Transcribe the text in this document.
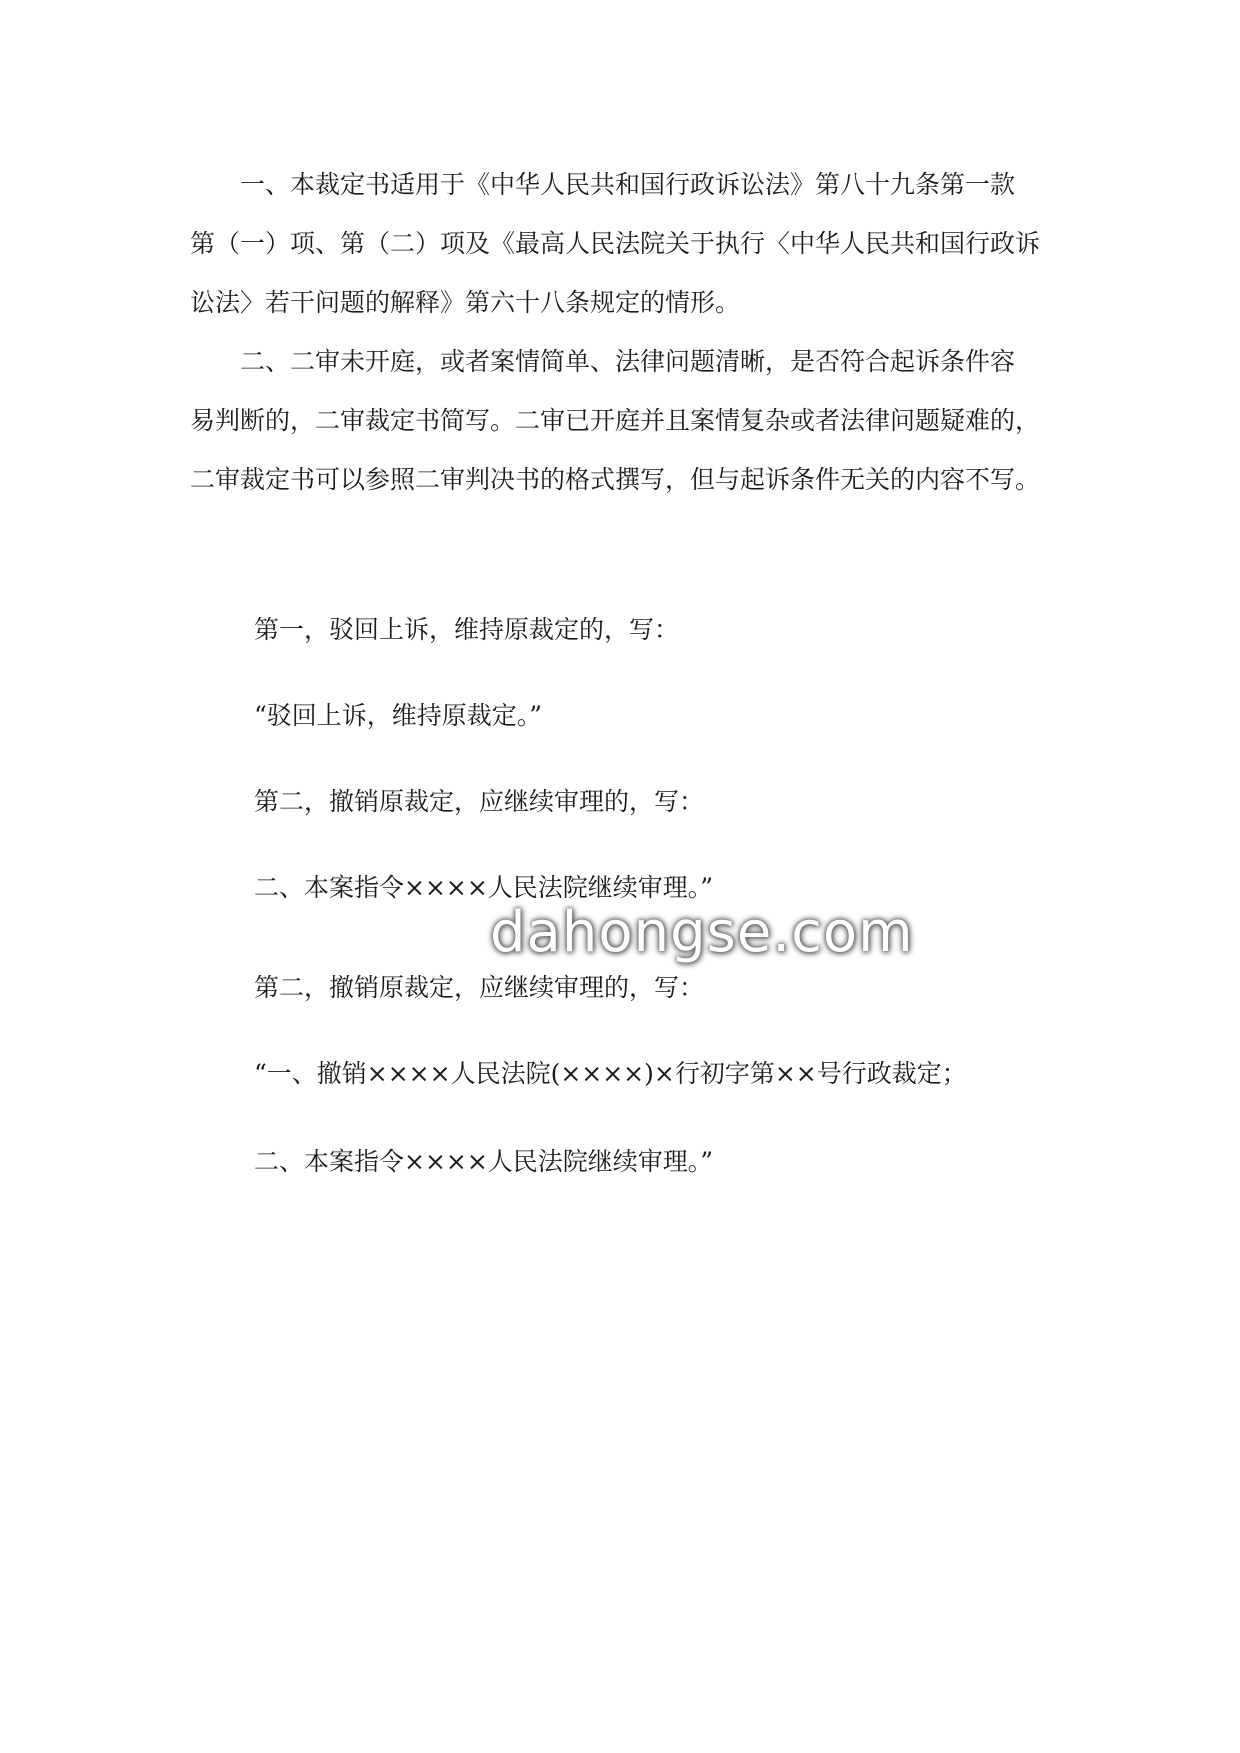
　　一、本裁定书适用于《中华人民共和国行政诉讼法》第八十九条第一款
第（一）项、第（二）项及《最高人民法院关于执行〈中华人民共和国行政诉
讼法〉若干问题的解释》第六十八条规定的情形。
　　二、二审未开庭，或者案情简单、法律问题清晰，是否符合起诉条件容
易判断的，二审裁定书简写。二审已开庭并且案情复杂或者法律问题疑难的，
二审裁定书可以参照二审判决书的格式撰写，但与起诉条件无关的内容不写。
第一，驳回上诉，维持原裁定的，写：
“驳回上诉，维持原裁定。”
第二，撤销原裁定，应继续审理的，写：
二、本案指令××××人民法院继续审理。”
第二，撤销原裁定，应继续审理的，写：
“一、撤销××××人民法院(××××)×行初字第××号行政裁定；
二、本案指令××××人民法院继续审理。”
dahongse.com
